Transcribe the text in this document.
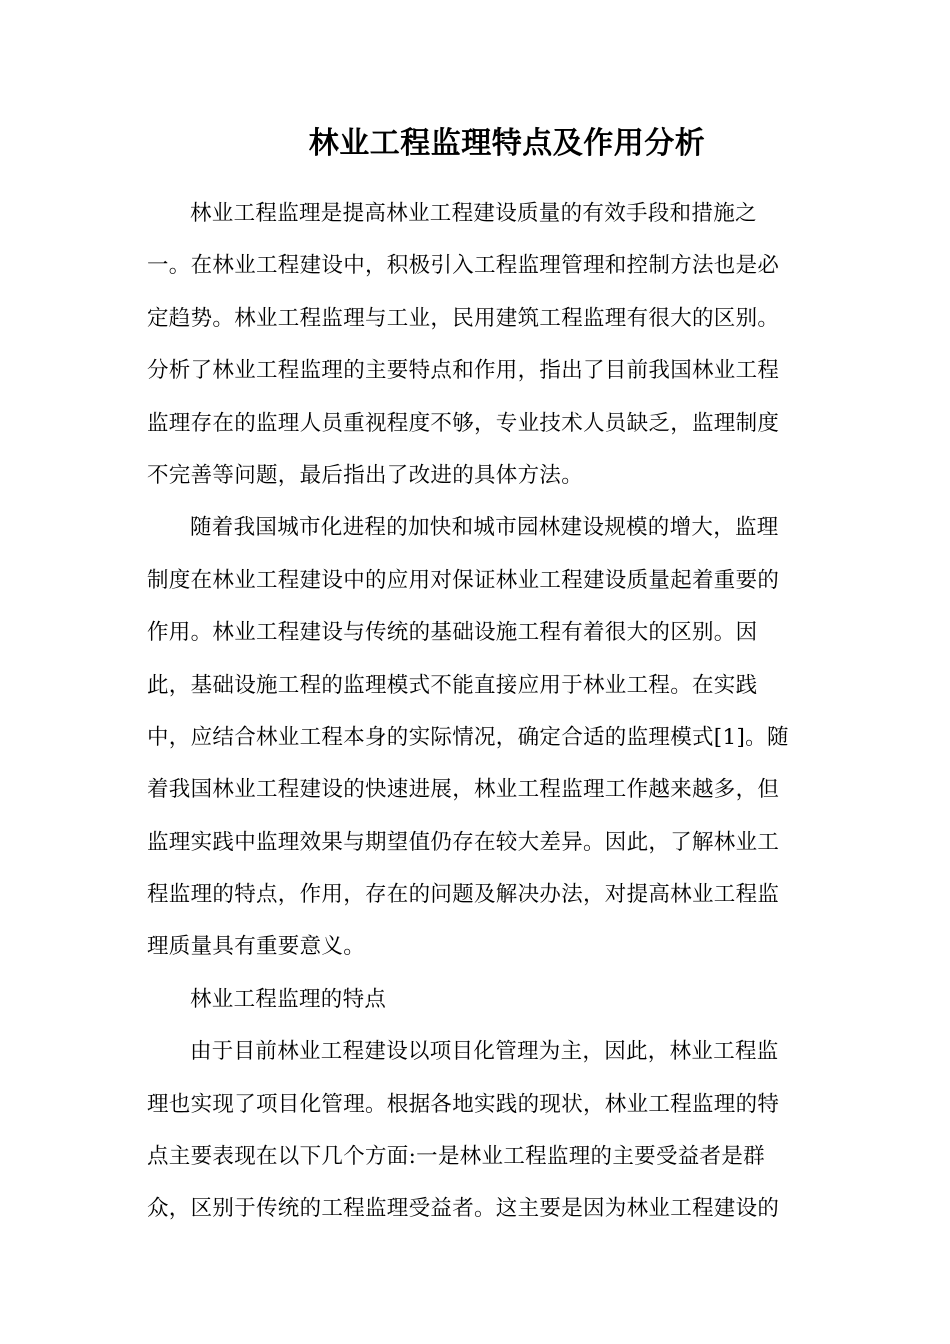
林业工程监理特点及作用分析
林业工程监理是提高林业工程建设质量的有效手段和措施之
一。在林业工程建设中，积极引入工程监理管理和控制方法也是必
定趋势。林业工程监理与工业，民用建筑工程监理有很大的区别。
分析了林业工程监理的主要特点和作用，指出了目前我国林业工程
监理存在的监理人员重视程度不够，专业技术人员缺乏，监理制度
不完善等问题，最后指出了改进的具体方法。
随着我国城市化进程的加快和城市园林建设规模的增大，监理
制度在林业工程建设中的应用对保证林业工程建设质量起着重要的
作用。林业工程建设与传统的基础设施工程有着很大的区别。因
此，基础设施工程的监理模式不能直接应用于林业工程。在实践
中，应结合林业工程本身的实际情况，确定合适的监理模式[1]。随
着我国林业工程建设的快速进展，林业工程监理工作越来越多，但
监理实践中监理效果与期望值仍存在较大差异。因此，了解林业工
程监理的特点，作用，存在的问题及解决办法，对提高林业工程监
理质量具有重要意义。
林业工程监理的特点
由于目前林业工程建设以项目化管理为主，因此，林业工程监
理也实现了项目化管理。根据各地实践的现状，林业工程监理的特
点主要表现在以下几个方面:一是林业工程监理的主要受益者是群
众，区别于传统的工程监理受益者。这主要是因为林业工程建设的
